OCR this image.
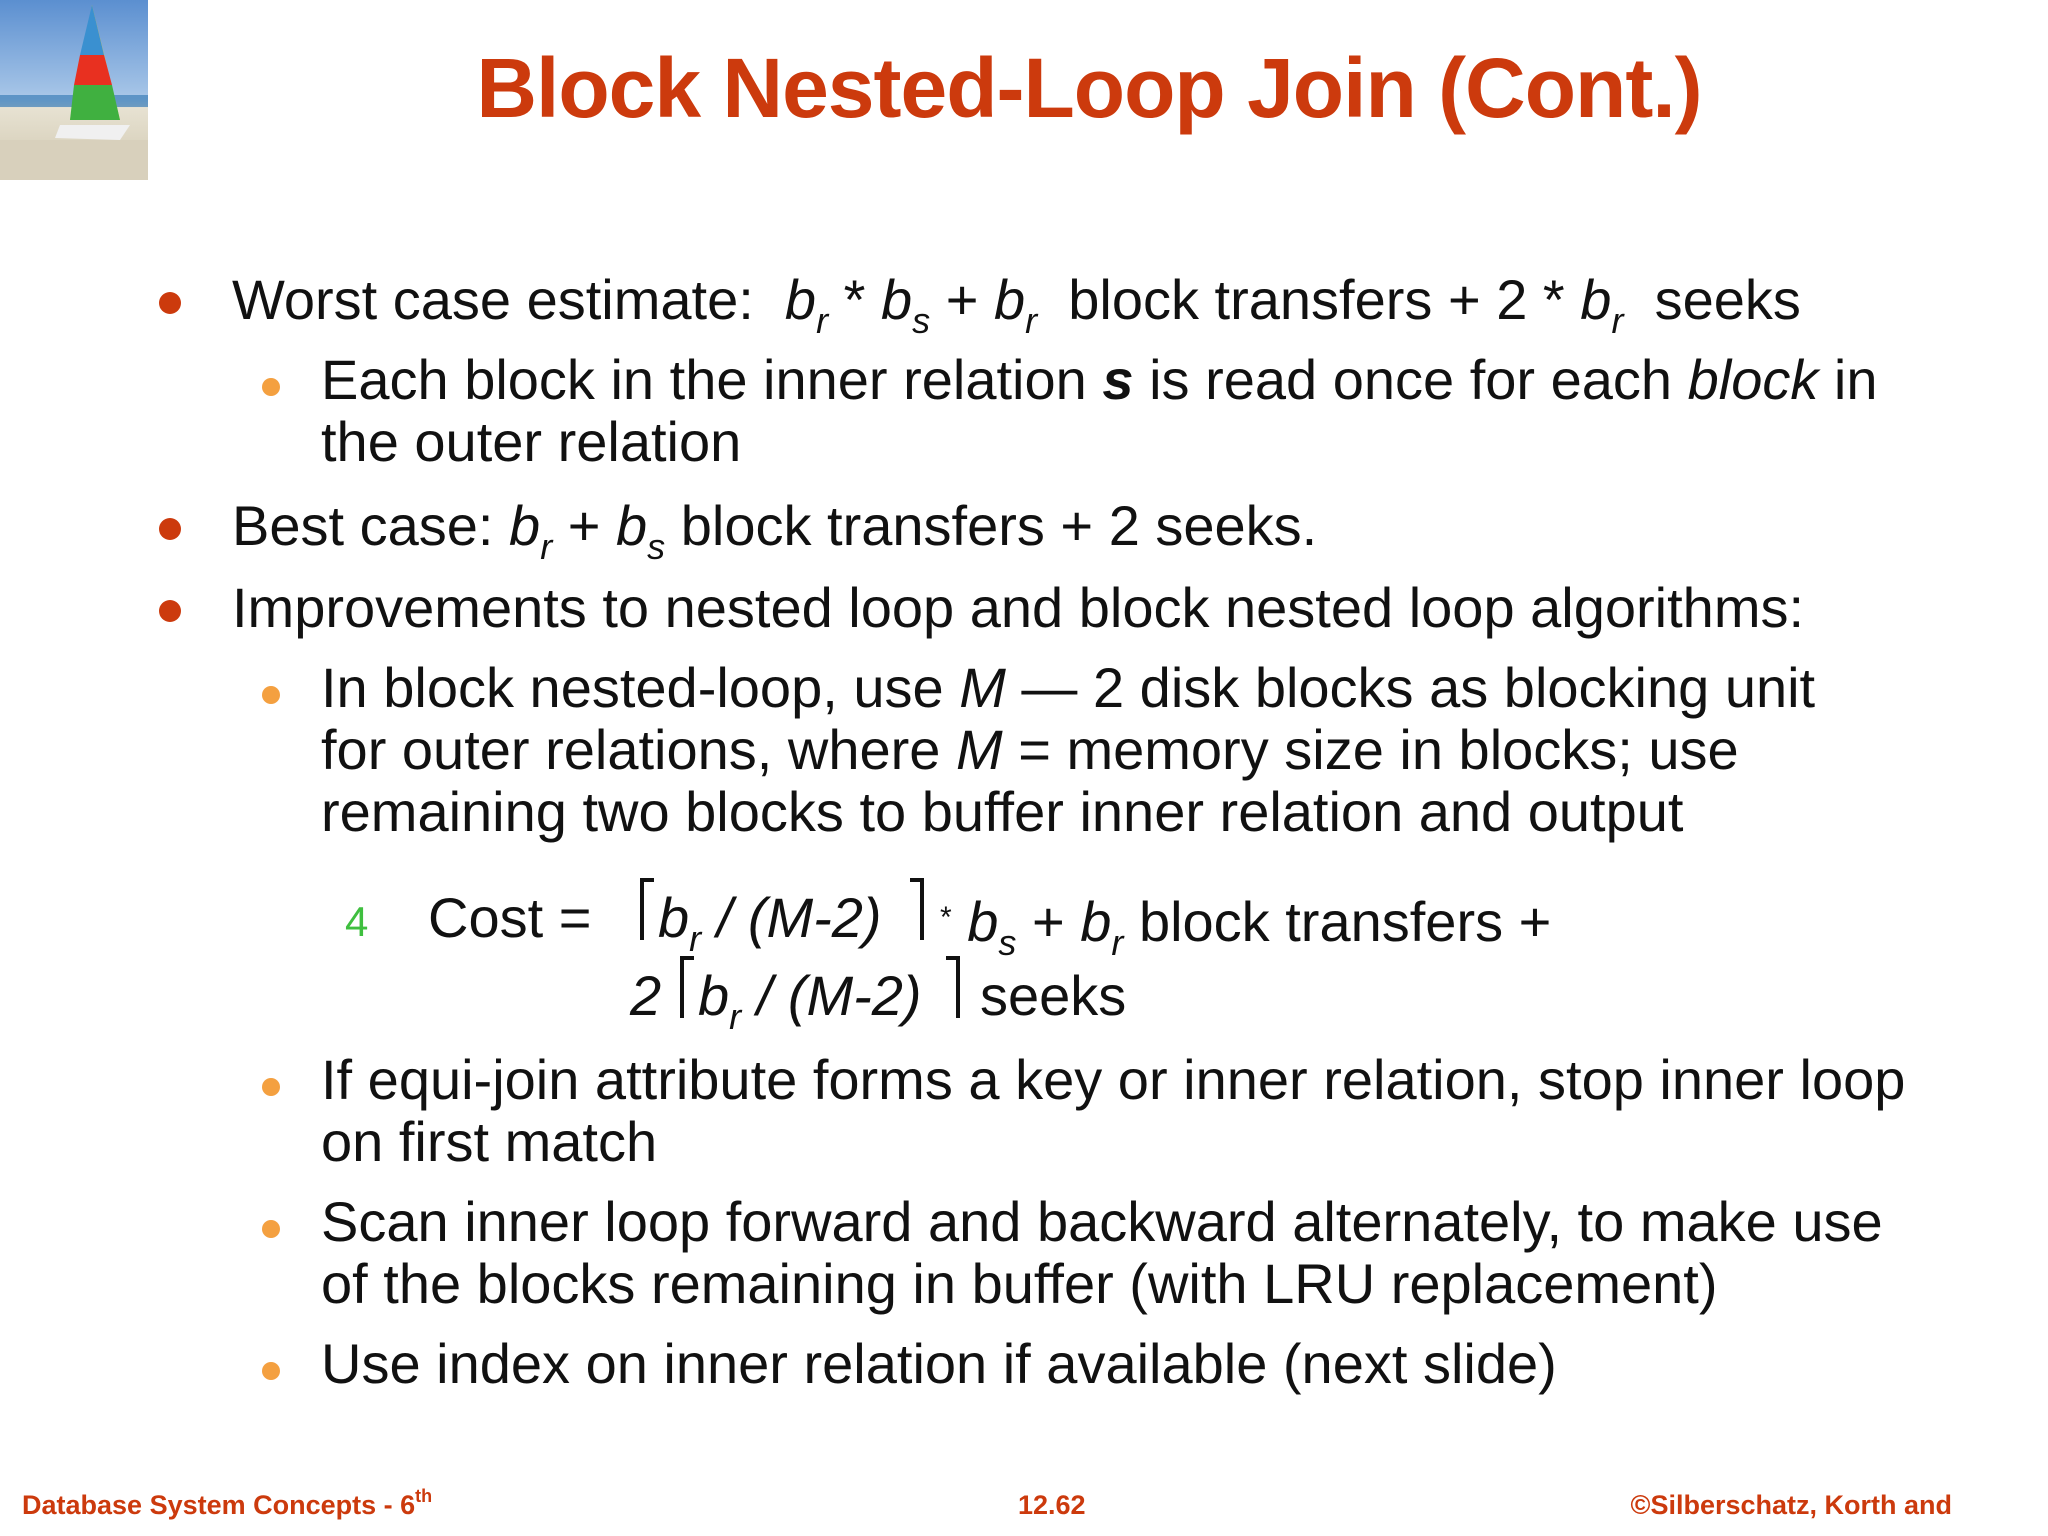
Block Nested-Loop Join (Cont.)
Worst case estimate:  $b_r * b_s + b_r$ block transfers + $2 * b_r$ seeks
Each block in the inner relation s is read once for each block in
the outer relation
Best case: $b_r + b_s$ block transfers + 2 seeks.
Improvements to nested loop and block nested loop algorithms:
In block nested-loop, use M — 2 disk blocks as blocking unit
for outer relations, where M = memory size in blocks; use
remaining two blocks to buffer inner relation and output
4 Cost = $b_r / (M-2)$ * $b_s + b_r$ block transfers +
2 $b_r / (M-2)$ seeks
If equi-join attribute forms a key or inner relation, stop inner loop
on first match
Scan inner loop forward and backward alternately, to make use
of the blocks remaining in buffer (with LRU replacement)
Use index on inner relation if available (next slide)
Database System Concepts - 6th	12.62	©Silberschatz, Korth and
